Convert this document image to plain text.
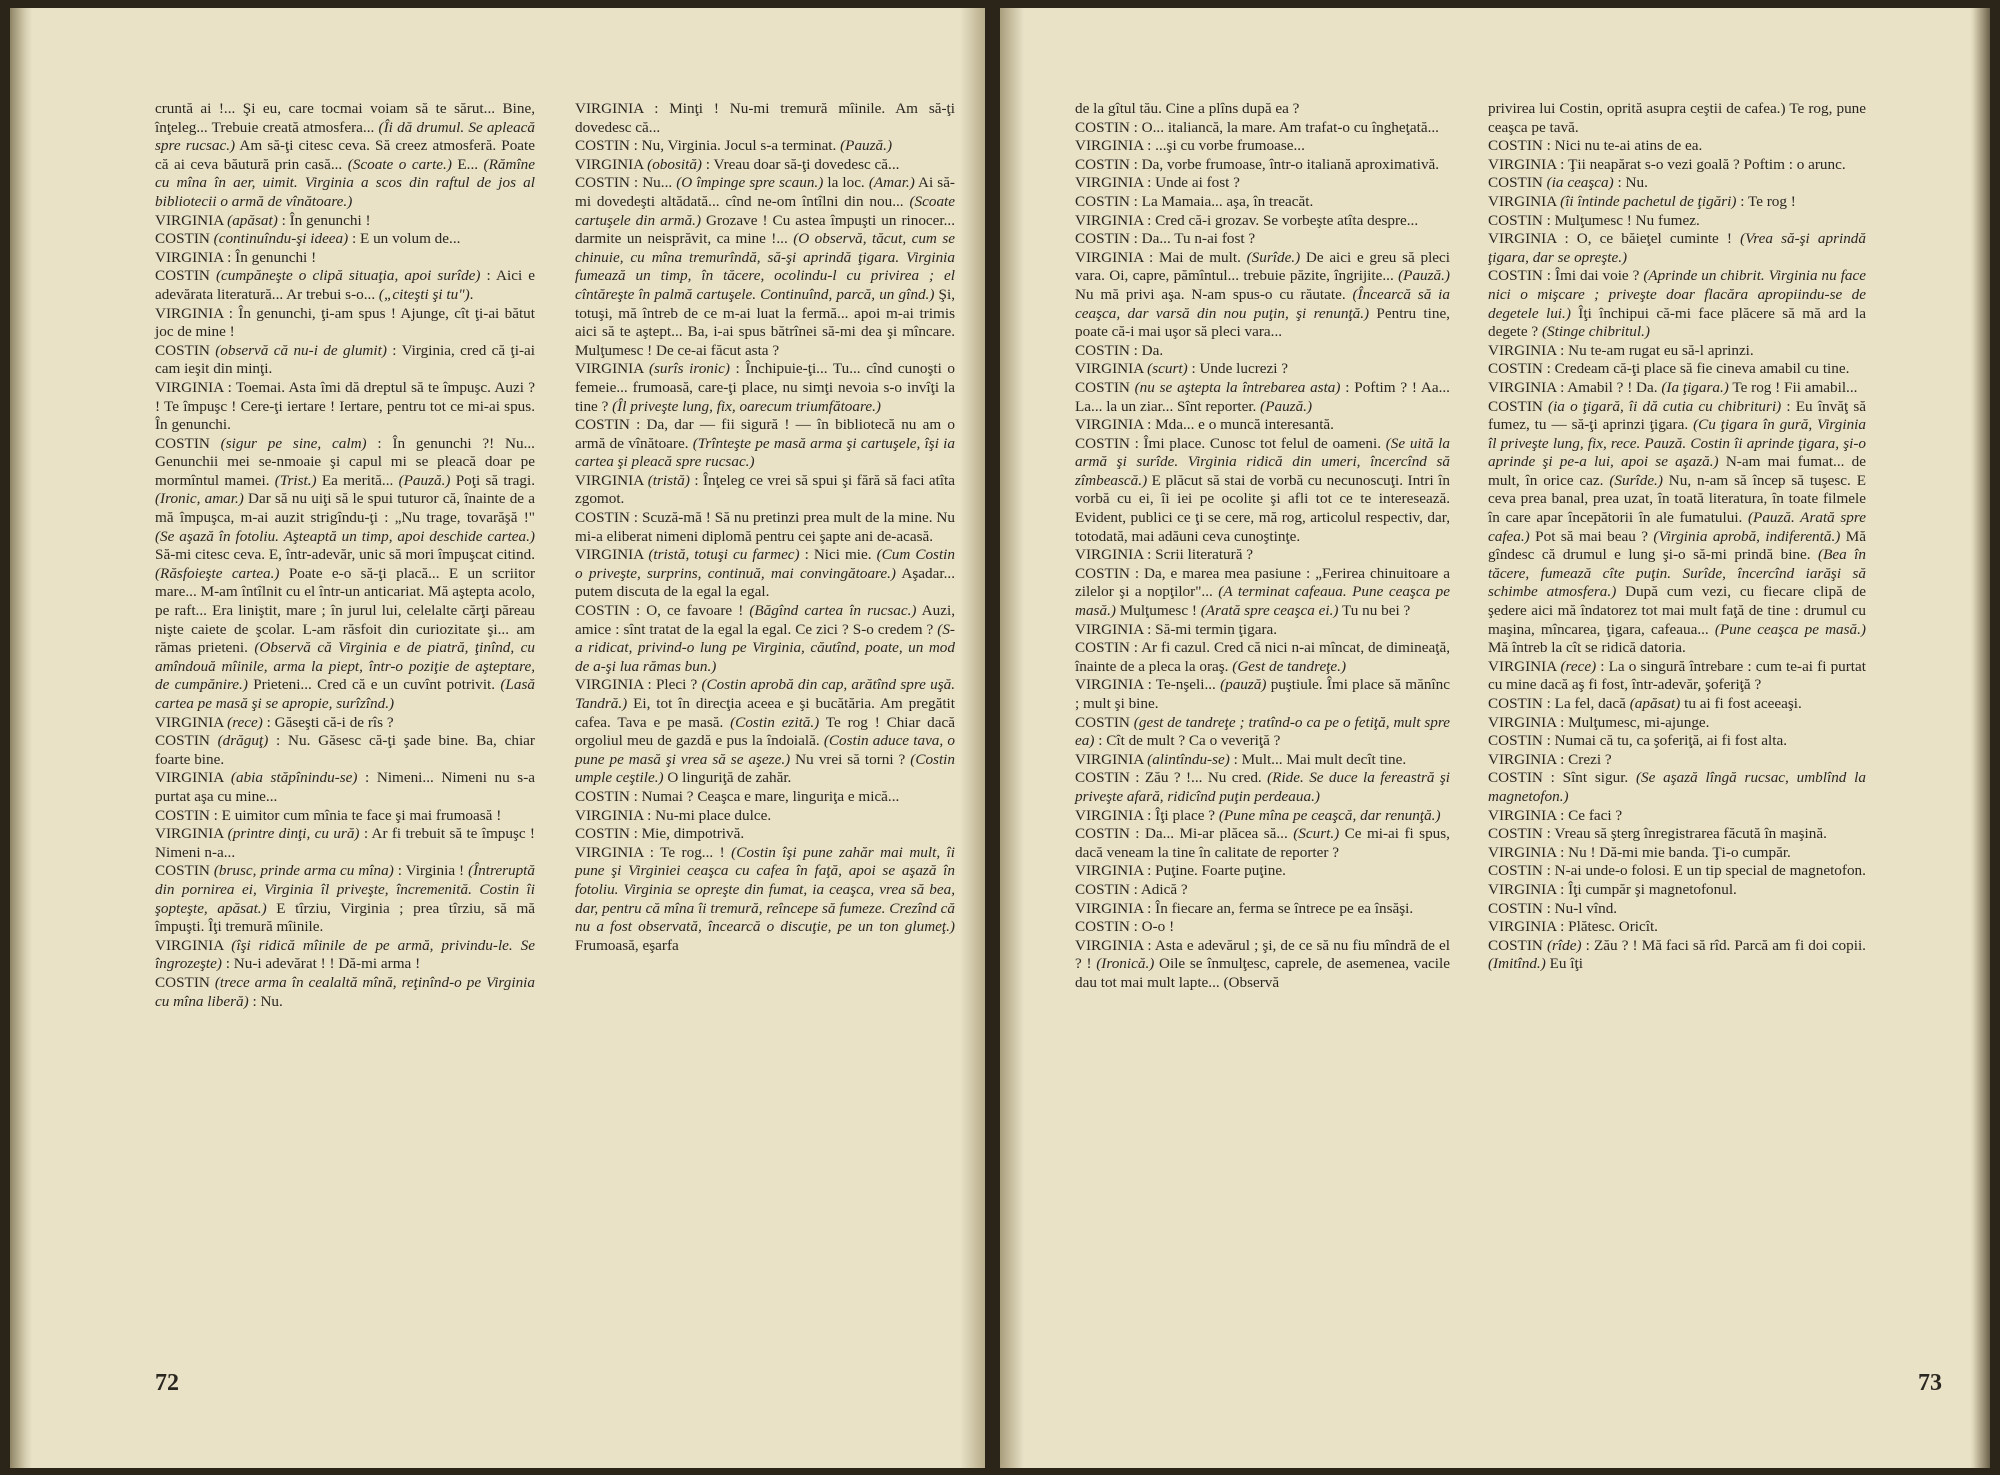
cruntă ai !... Şi eu, care tocmai voiam să te sărut... Bine, înţeleg... Trebuie creată atmosfera... (Îi dă drumul. Se apleacă spre rucsac.) Am să-ţi citesc ceva. Să creez atmosferă. Poate că ai ceva băutură prin casă... (Scoate o carte.) E... (Rămîne cu mîna în aer, uimit. Virginia a scos din raftul de jos al bibliotecii o armă de vînătoare.)

VIRGINIA (apăsat) : În genunchi !

COSTIN (continuîndu-şi ideea) : E un volum de...

VIRGINIA : În genunchi !

COSTIN (cumpăneşte o clipă situaţia, apoi surîde) : Aici e adevărata literatură... Ar trebui s-o... („citeşti şi tu").

VIRGINIA : În genunchi, ţi-am spus ! Ajunge, cît ţi-ai bătut joc de mine !

COSTIN (observă că nu-i de glumit) : Virginia, cred că ţi-ai cam ieşit din minţi.

VIRGINIA : Toemai. Asta îmi dă dreptul să te împuşc. Auzi ? ! Te împuşc ! Cere-ţi iertare ! Iertare, pentru tot ce mi-ai spus. În genunchi.

COSTIN (sigur pe sine, calm) : În genunchi ?! Nu... Genunchii mei se-nmoaie şi capul mi se pleacă doar pe mormîntul mamei. (Trist.) Ea merită... (Pauză.) Poţi să tragi. (Ironic, amar.) Dar să nu uiţi să le spui tuturor că, înainte de a mă împuşca, m-ai auzit strigîndu-ţi : „Nu trage, tovarăşă !" (Se aşază în fotoliu. Aşteaptă un timp, apoi deschide cartea.) Să-mi citesc ceva. E, într-adevăr, unic să mori împuşcat citind. (Răsfoieşte cartea.) Poate e-o să-ţi placă... E un scriitor mare... M-am întîlnit cu el într-un anticariat. Mă aştepta acolo, pe raft... Era liniştit, mare ; în jurul lui, celelalte cărţi păreau nişte caiete de şcolar. L-am răsfoit din curiozitate şi... am rămas prieteni. (Observă că Virginia e de piatră, ţinînd, cu amîndouă mîinile, arma la piept, într-o poziţie de aşteptare, de cumpănire.) Prieteni... Cred că e un cuvînt potrivit. (Lasă cartea pe masă şi se apropie, surîzînd.)

VIRGINIA (rece) : Găseşti că-i de rîs ?

COSTIN (drăguţ) : Nu. Găsesc că-ţi şade bine. Ba, chiar foarte bine.

VIRGINIA (abia stăpînindu-se) : Nimeni... Nimeni nu s-a purtat aşa cu mine...

COSTIN : E uimitor cum mînia te face şi mai frumoasă !

VIRGINIA (printre dinţi, cu ură) : Ar fi trebuit să te împuşc ! Nimeni n-a...

COSTIN (brusc, prinde arma cu mîna) : Virginia ! (Întreruptă din pornirea ei, Virginia îl priveşte, încremenită. Costin îi şopteşte, apăsat.) E tîrziu, Virginia ; prea tîrziu, să mă împuşti. Îţi tremură mîinile.

VIRGINIA (îşi ridică mîinile de pe armă, privindu-le. Se îngrozeşte) : Nu-i adevărat ! ! Dă-mi arma !

COSTIN (trece arma în cealaltă mînă, reţinînd-o pe Virginia cu mîna liberă) : Nu.

VIRGINIA : Minţi ! Nu-mi tremură mîinile. Am să-ţi dovedesc că...

COSTIN : Nu, Virginia. Jocul s-a terminat. (Pauză.)

VIRGINIA (obosită) : Vreau doar să-ţi dovedesc că...

COSTIN : Nu... (O împinge spre scaun.) la loc. (Amar.) Ai să-mi dovedeşti altădată... cînd ne-om întîlni din nou... (Scoate cartuşele din armă.) Grozave ! Cu astea împuşti un rinocer... darmite un neisprăvit, ca mine !... (O observă, tăcut, cum se chinuie, cu mîna tremurîndă, să-şi aprindă ţigara. Virginia fumează un timp, în tăcere, ocolindu-l cu privirea ; el cîntăreşte în palmă cartuşele. Continuînd, parcă, un gînd.) Şi, totuşi, mă întreb de ce m-ai luat la fermă... apoi m-ai trimis aici să te aştept... Ba, i-ai spus bătrînei să-mi dea şi mîncare. Mulţumesc ! De ce-ai făcut asta ?

VIRGINIA (surîs ironic) : Închipuie-ţi... Tu... cînd cunoşti o femeie... frumoasă, care-ţi place, nu simţi nevoia s-o invîţi la tine ? (Îl priveşte lung, fix, oarecum triumfătoare.)

COSTIN : Da, dar — fii sigură ! — în bibliotecă nu am o armă de vînătoare. (Trînteşte pe masă arma şi cartuşele, îşi ia cartea şi pleacă spre rucsac.)

VIRGINIA (tristă) : Înţeleg ce vrei să spui şi fără să faci atîta zgomot.

COSTIN : Scuză-mă ! Să nu pretinzi prea mult de la mine. Nu mi-a eliberat nimeni diplomă pentru cei şapte ani de-acasă.

VIRGINIA (tristă, totuşi cu farmec) : Nici mie. (Cum Costin o priveşte, surprins, continuă, mai convingătoare.) Aşadar... putem discuta de la egal la egal.

COSTIN : O, ce favoare ! (Băgînd cartea în rucsac.) Auzi, amice : sînt tratat de la egal la egal. Ce zici ? S-o credem ? (S-a ridicat, privind-o lung pe Virginia, căutînd, poate, un mod de a-şi lua rămas bun.)

VIRGINIA : Pleci ? (Costin aprobă din cap, arătînd spre uşă. Tandră.) Ei, tot în direcţia aceea e şi bucătăria. Am pregătit cafea. Tava e pe masă. (Costin ezită.) Te rog ! Chiar dacă orgoliul meu de gazdă e pus la îndoială. (Costin aduce tava, o pune pe masă şi vrea să se aşeze.) Nu vrei să torni ? (Costin umple ceştile.) O linguriţă de zahăr.

COSTIN : Numai ? Ceaşca e mare, linguriţa e mică...

VIRGINIA : Nu-mi place dulce.

COSTIN : Mie, dimpotrivă.

VIRGINIA : Te rog... ! (Costin îşi pune zahăr mai mult, îi pune şi Virginiei ceaşca cu cafea în faţă, apoi se aşază în fotoliu. Virginia se opreşte din fumat, ia ceaşca, vrea să bea, dar, pentru că mîna îi tremură, reîncepe să fumeze. Crezînd că nu a fost observată, încearcă o discuţie, pe un ton glumeţ.) Frumoasă, eşarfa

72

de la gîtul tău. Cine a plîns după ea ?

COSTIN : O... italiancă, la mare. Am trafat-o cu îngheţată...

VIRGINIA : ...şi cu vorbe frumoase...

COSTIN : Da, vorbe frumoase, într-o italiană aproximativă.

VIRGINIA : Unde ai fost ?

COSTIN : La Mamaia... aşa, în treacăt.

VIRGINIA : Cred că-i grozav. Se vorbeşte atîta despre...

COSTIN : Da... Tu n-ai fost ?

VIRGINIA : Mai de mult. (Surîde.) De aici e greu să pleci vara. Oi, capre, pămîntul... trebuie păzite, îngrijite... (Pauză.) Nu mă privi aşa. N-am spus-o cu răutate. (Încearcă să ia ceaşca, dar varsă din nou puţin, şi renunţă.) Pentru tine, poate că-i mai uşor să pleci vara...

COSTIN : Da.

VIRGINIA (scurt) : Unde lucrezi ?

COSTIN (nu se aştepta la întrebarea asta) : Poftim ? ! Aa... La... la un ziar... Sînt reporter. (Pauză.)

VIRGINIA : Mda... e o muncă interesantă.

COSTIN : Îmi place. Cunosc tot felul de oameni. (Se uită la armă şi surîde. Virginia ridică din umeri, încercînd să zîmbească.) E plăcut să stai de vorbă cu necunoscuţi. Intri în vorbă cu ei, îi iei pe ocolite şi afli tot ce te interesează. Evident, publici ce ţi se cere, mă rog, articolul respectiv, dar, totodată, mai adăuni ceva cunoştinţe.

VIRGINIA : Scrii literatură ?

COSTIN : Da, e marea mea pasiune : „Ferirea chinuitoare a zilelor şi a nopţilor"... (A terminat cafeaua. Pune ceaşca pe masă.) Mulţumesc ! (Arată spre ceaşca ei.) Tu nu bei ?

VIRGINIA : Să-mi termin ţigara.

COSTIN : Ar fi cazul. Cred că nici n-ai mîncat, de dimineaţă, înainte de a pleca la oraş. (Gest de tandreţe.)

VIRGINIA : Te-nşeli... (pauză) puştiule. Îmi place să mănînc ; mult şi bine.

COSTIN (gest de tandreţe ; tratînd-o ca pe o fetiţă, mult spre ea) : Cît de mult ? Ca o veveriţă ?

VIRGINIA (alintîndu-se) : Mult... Mai mult decît tine.

COSTIN : Zău ? !... Nu cred. (Ride. Se duce la fereastră şi priveşte afară, ridicînd puţin perdeaua.)

VIRGINIA : Îţi place ? (Pune mîna pe ceaşcă, dar renunţă.)

COSTIN : Da... Mi-ar plăcea să... (Scurt.) Ce mi-ai fi spus, dacă veneam la tine în calitate de reporter ?

VIRGINIA : Puţine. Foarte puţine.

COSTIN : Adică ?

VIRGINIA : În fiecare an, ferma se întrece pe ea însăşi.

COSTIN : O-o !

VIRGINIA : Asta e adevărul ; şi, de ce să nu fiu mîndră de el ? ! (Ironică.) Oile se înmulţesc, caprele, de asemenea, vacile dau tot mai mult lapte... (Observă

privirea lui Costin, oprită asupra ceştii de cafea.) Te rog, pune ceaşca pe tavă.

COSTIN : Nici nu te-ai atins de ea.

VIRGINIA : Ţii neapărat s-o vezi goală ? Poftim : o arunc.

COSTIN (ia ceaşca) : Nu.

VIRGINIA (îi întinde pachetul de ţigări) : Te rog !

COSTIN : Mulţumesc ! Nu fumez.

VIRGINIA : O, ce băieţel cuminte ! (Vrea să-şi aprindă ţigara, dar se opreşte.)

COSTIN : Îmi dai voie ? (Aprinde un chibrit. Virginia nu face nici o mişcare ; priveşte doar flacăra apropiindu-se de degetele lui.) Îţi închipui că-mi face plăcere să mă ard la degete ? (Stinge chibritul.)

VIRGINIA : Nu te-am rugat eu să-l aprinzi.

COSTIN : Credeam că-ţi place să fie cineva amabil cu tine.

VIRGINIA : Amabil ? ! Da. (Ia ţigara.) Te rog ! Fii amabil...

COSTIN (ia o ţigară, îi dă cutia cu chibrituri) : Eu învăţ să fumez, tu — să-ţi aprinzi ţigara. (Cu ţigara în gură, Virginia îl priveşte lung, fix, rece. Pauză. Costin îi aprinde ţigara, şi-o aprinde şi pe-a lui, apoi se aşază.) N-am mai fumat... de mult, în orice caz. (Surîde.) Nu, n-am să încep să tuşesc. E ceva prea banal, prea uzat, în toată literatura, în toate filmele în care apar începătorii în ale fumatului. (Pauză. Arată spre cafea.) Pot să mai beau ? (Virginia aprobă, indiferentă.) Mă gîndesc că drumul e lung şi-o să-mi prindă bine. (Bea în tăcere, fumează cîte puţin. Surîde, încercînd iarăşi să schimbe atmosfera.) După cum vezi, cu fiecare clipă de şedere aici mă îndatorez tot mai mult faţă de tine : drumul cu maşina, mîncarea, ţigara, cafeaua... (Pune ceaşca pe masă.) Mă întreb la cît se ridică datoria.

VIRGINIA (rece) : La o singură întrebare : cum te-ai fi purtat cu mine dacă aş fi fost, într-adevăr, şoferiţă ?

COSTIN : La fel, dacă (apăsat) tu ai fi fost aceeaşi.

VIRGINIA : Mulţumesc, mi-ajunge.

COSTIN : Numai că tu, ca şoferiţă, ai fi fost alta.

VIRGINIA : Crezi ?

COSTIN : Sînt sigur. (Se aşază lîngă rucsac, umblînd la magnetofon.)

VIRGINIA : Ce faci ?

COSTIN : Vreau să şterg înregistrarea făcută în maşină.

VIRGINIA : Nu ! Dă-mi mie banda. Ţi-o cumpăr.

COSTIN : N-ai unde-o folosi. E un tip special de magnetofon.

VIRGINIA : Îţi cumpăr şi magnetofonul.

COSTIN : Nu-l vînd.

VIRGINIA : Plătesc. Oricît.

COSTIN (rîde) : Zău ? ! Mă faci să rîd. Parcă am fi doi copii. (Imitînd.) Eu îţi

73
